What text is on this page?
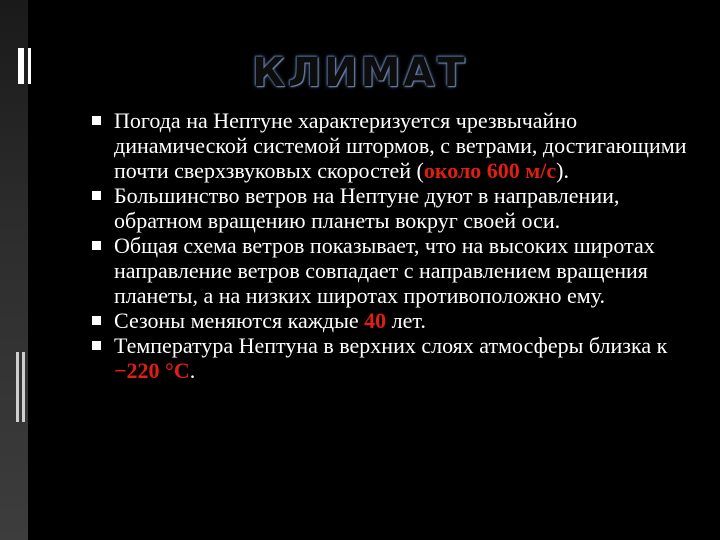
КЛИМАТ
Погода на Нептуне характеризуется чрезвычайно динамической системой штормов, с ветрами, достигающими почти сверхзвуковых скоростей (около 600 м/с).
Большинство ветров на Нептуне дуют в направлении, обратном вращению планеты вокруг своей оси.
Общая схема ветров показывает, что на высоких широтах направление ветров совпадает с направлением вращения планеты, а на низких широтах противоположно ему.
Сезоны меняются каждые 40 лет.
Температура Нептуна в верхних слоях атмосферы близка к −220 °C.
